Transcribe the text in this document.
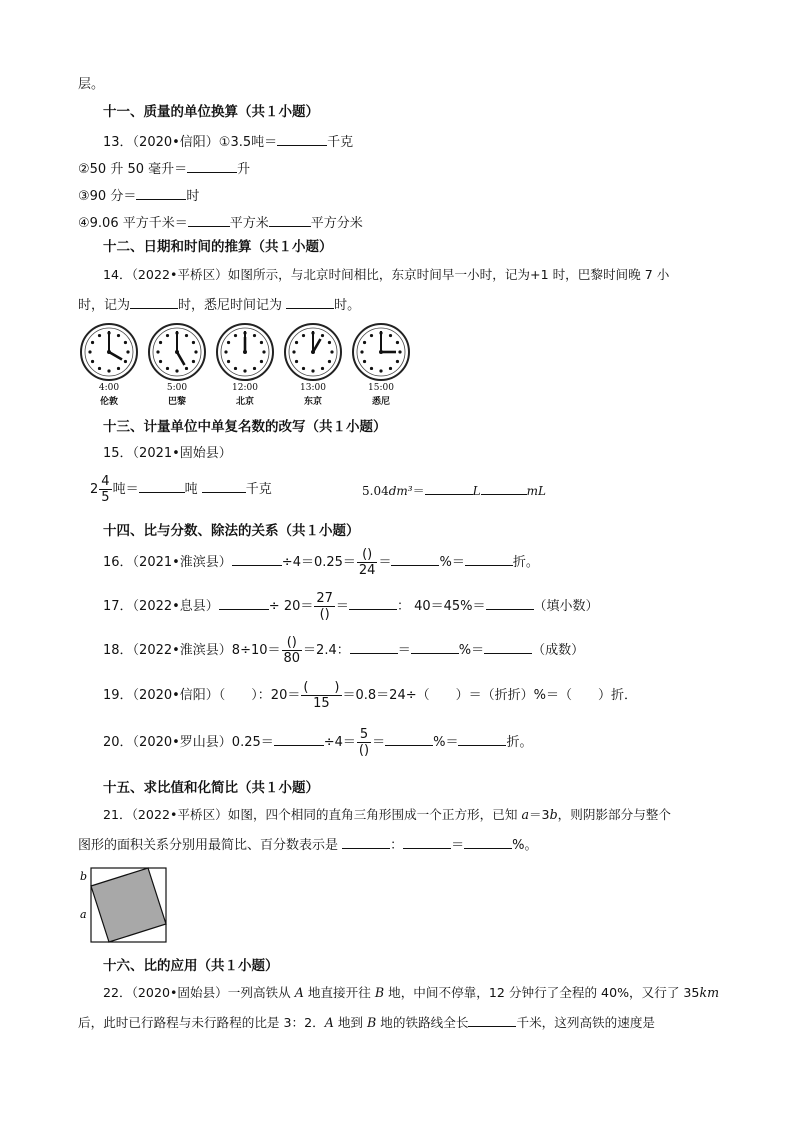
层。
十一、质量的单位换算（共１小题）
13．（2020•信阳）①3.5吨＝	千克
②50 升 50 毫升＝	升
③90 分＝	时
④9.06 平方千米＝	平方米	平方分米
十二、日期和时间的推算（共１小题）
14．（2022•平桥区）如图所示，与北京时间相比，东京时间早一小时，记为+1 时，巴黎时间晚 7 小
时，记为	时，悉尼时间记为	时。
4:00
伦敦
5:00
巴黎
12:00
北京
13:00
东京
15:00
悉尼
十三、计量单位中单复名数的改写（共１小题）
15．（2021•固始县）
$2 \frac{4}{5}$ 吨＝	吨	千克	5.04dm³＝	L	mL
十四、比与分数、除法的关系（共１小题）
16．（2021•淮滨县）	$\div 4=0.25= \frac{()}{24}$ ＝	%＝	折。
17．（2022•息县）	÷ $20= \frac{27}{()}$ ＝	： 40＝45%＝	（填小数）
18．（2022•淮滨县）$8\div 10= \frac{()}{80} =2.4$：	＝	%＝	（成数）
19．（2020•信阳）（　　）：$20= \frac{( )}{15} =0.8=24\div$（　　）＝（折折）%＝（　　）折．
20．（2020•罗山县）0.25＝	$\div 4= \frac{5}{()}$ ＝	%＝	折。
十五、求比值和化简比（共１小题）
21．（2022•平桥区）如图，四个相同的直角三角形围成一个正方形，已知 a＝3b，则阴影部分与整个
图形的面积关系分别用最简比、百分数表示是	：	＝	%。
b
a
十六、比的应用（共１小题）
22．（2020•固始县）一列高铁从 A 地直接开往 B 地，中间不停靠，12 分钟行了全程的 40%，又行了 35km
后，此时已行路程与未行路程的比是 3：2．A 地到 B 地的铁路线全长	千米，这列高铁的速度是
